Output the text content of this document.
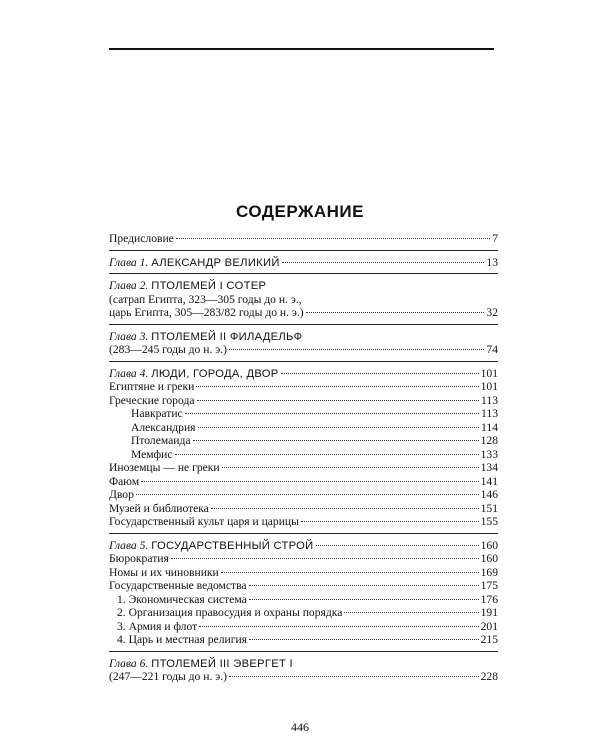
СОДЕРЖАНИЕ
Предисловие	7
Глава 1. АЛЕКСАНДР ВЕЛИКИЙ	13
Глава 2. ПТОЛЕМЕЙ I СОТЕР
(сатрап Египта, 323—305 годы до н. э.,
царь Египта, 305—283/82 годы до н. э.)	32
Глава 3. ПТОЛЕМЕЙ II ФИЛАДЕЛЬФ
(283—245 годы до н. э.)	74
Глава 4. ЛЮДИ, ГОРОДА, ДВОР	101
Египтяне и греки	101
Греческие города	113
Навкратис	113
Александрия	114
Птолемаида	128
Мемфис	133
Иноземцы — не греки	134
Фаюм	141
Двор	146
Музей и библиотека	151
Государственный культ царя и царицы	155
Глава 5. ГОСУДАРСТВЕННЫЙ СТРОЙ	160
Бюрократия	160
Номы и их чиновники	169
Государственные ведомства	175
1. Экономическая система	176
2. Организация правосудия и охраны порядка	191
3. Армия и флот	201
4. Царь и местная религия	215
Глава 6. ПТОЛЕМЕЙ III ЭВЕРГЕТ I
(247—221 годы до н. э.)	228
446
